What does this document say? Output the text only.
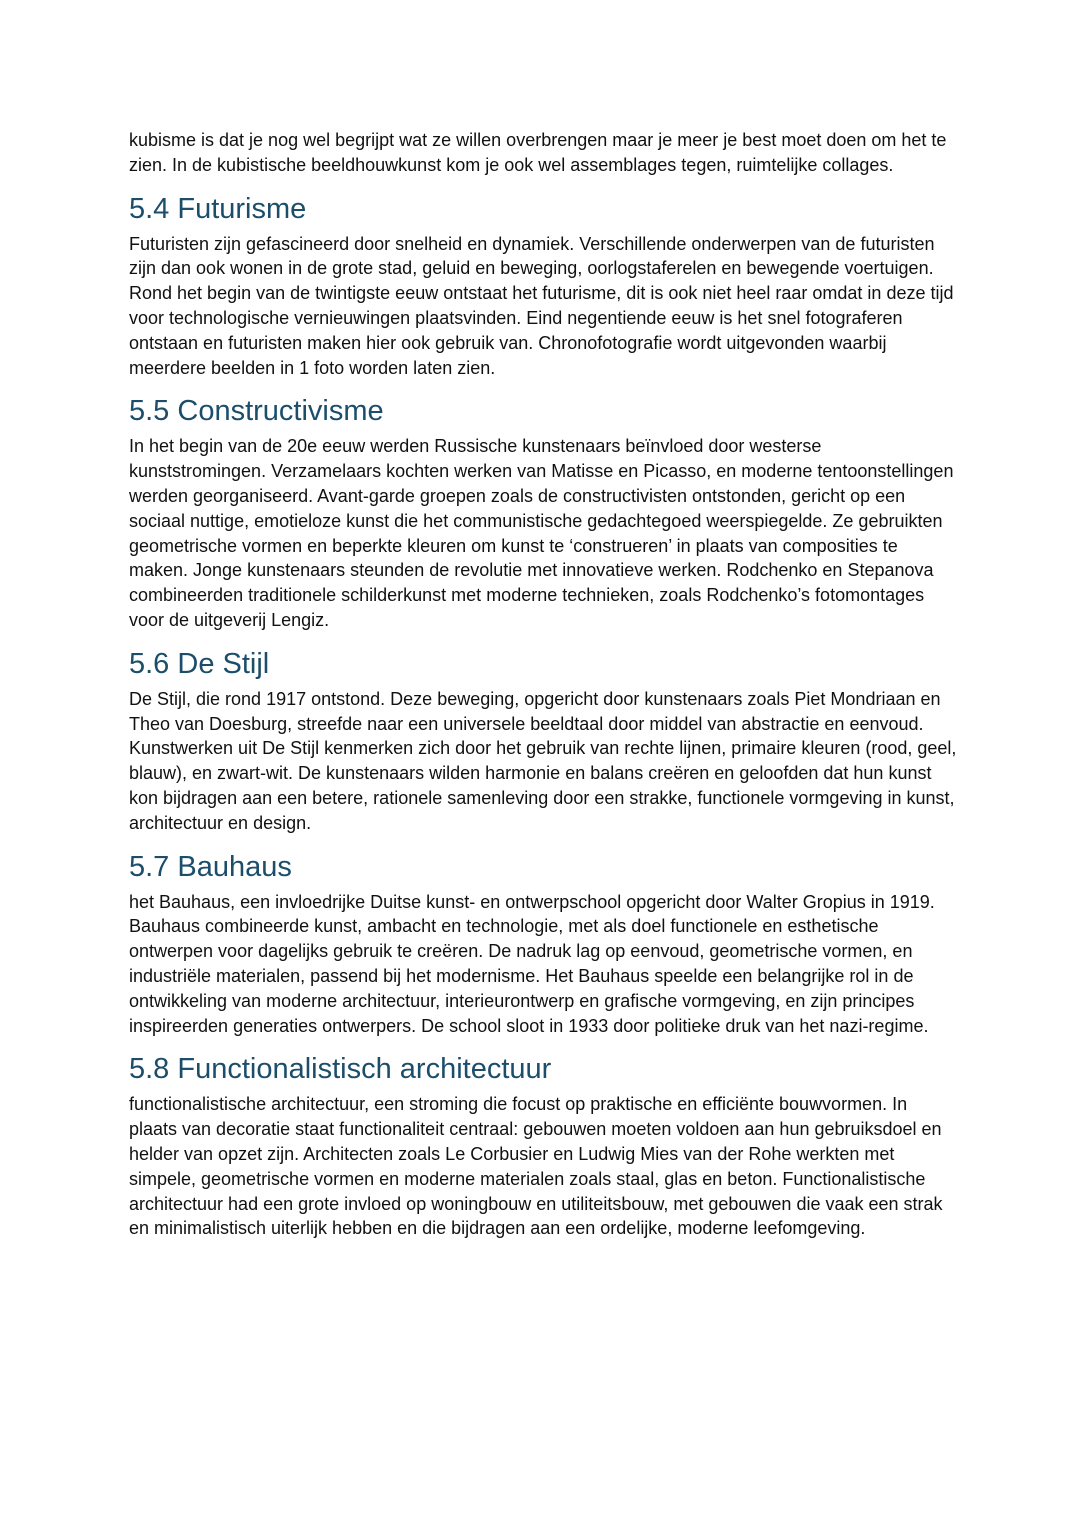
kubisme is dat je nog wel begrijpt wat ze willen overbrengen maar je meer je best moet doen om het te zien. In de kubistische beeldhouwkunst kom je ook wel assemblages tegen, ruimtelijke collages.

5.4 Futurisme

Futuristen zijn gefascineerd door snelheid en dynamiek. Verschillende onderwerpen van de futuristen zijn dan ook wonen in de grote stad, geluid en beweging, oorlogstaferelen en bewegende voertuigen. Rond het begin van de twintigste eeuw ontstaat het futurisme, dit is ook niet heel raar omdat in deze tijd voor technologische vernieuwingen plaatsvinden. Eind negentiende eeuw is het snel fotograferen ontstaan en futuristen maken hier ook gebruik van. Chronofotografie wordt uitgevonden waarbij meerdere beelden in 1 foto worden laten zien.

5.5 Constructivisme

In het begin van de 20e eeuw werden Russische kunstenaars beïnvloed door westerse kunststromingen. Verzamelaars kochten werken van Matisse en Picasso, en moderne tentoonstellingen werden georganiseerd. Avant-garde groepen zoals de constructivisten ontstonden, gericht op een sociaal nuttige, emotieloze kunst die het communistische gedachtegoed weerspiegelde. Ze gebruikten geometrische vormen en beperkte kleuren om kunst te ‘construeren’ in plaats van composities te maken. Jonge kunstenaars steunden de revolutie met innovatieve werken. Rodchenko en Stepanova combineerden traditionele schilderkunst met moderne technieken, zoals Rodchenko’s fotomontages voor de uitgeverij Lengiz.

5.6 De Stijl

De Stijl, die rond 1917 ontstond. Deze beweging, opgericht door kunstenaars zoals Piet Mondriaan en Theo van Doesburg, streefde naar een universele beeldtaal door middel van abstractie en eenvoud. Kunstwerken uit De Stijl kenmerken zich door het gebruik van rechte lijnen, primaire kleuren (rood, geel, blauw), en zwart-wit. De kunstenaars wilden harmonie en balans creëren en geloofden dat hun kunst kon bijdragen aan een betere, rationele samenleving door een strakke, functionele vormgeving in kunst, architectuur en design.

5.7 Bauhaus

het Bauhaus, een invloedrijke Duitse kunst- en ontwerpschool opgericht door Walter Gropius in 1919. Bauhaus combineerde kunst, ambacht en technologie, met als doel functionele en esthetische ontwerpen voor dagelijks gebruik te creëren. De nadruk lag op eenvoud, geometrische vormen, en industriële materialen, passend bij het modernisme. Het Bauhaus speelde een belangrijke rol in de ontwikkeling van moderne architectuur, interieurontwerp en grafische vormgeving, en zijn principes inspireerden generaties ontwerpers. De school sloot in 1933 door politieke druk van het nazi-regime.

5.8 Functionalistisch architectuur

functionalistische architectuur, een stroming die focust op praktische en efficiënte bouwvormen. In plaats van decoratie staat functionaliteit centraal: gebouwen moeten voldoen aan hun gebruiksdoel en helder van opzet zijn. Architecten zoals Le Corbusier en Ludwig Mies van der Rohe werkten met simpele, geometrische vormen en moderne materialen zoals staal, glas en beton. Functionalistische architectuur had een grote invloed op woningbouw en utiliteitsbouw, met gebouwen die vaak een strak en minimalistisch uiterlijk hebben en die bijdragen aan een ordelijke, moderne leefomgeving.
